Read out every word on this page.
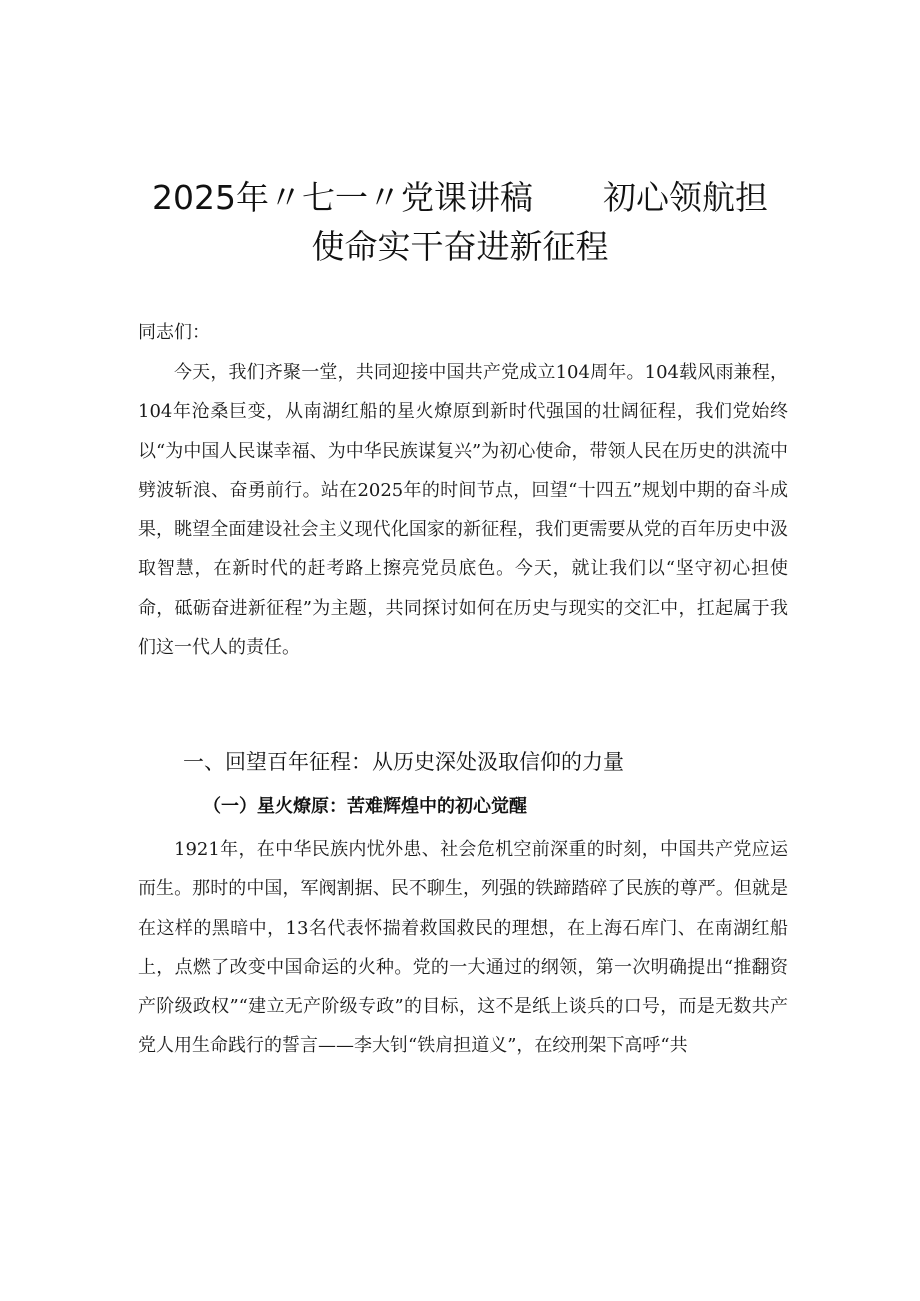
2025年〃七一〃党课讲稿 初心领航担
使命实干奋进新征程
同志们：
今天，我们齐聚一堂，共同迎接中国共产党成立104周年。104载风雨兼程，104年沧桑巨变，从南湖红船的星火燎原到新时代强国的壮阔征程，我们党始终以“为中国人民谋幸福、为中华民族谋复兴”为初心使命，带领人民在历史的洪流中劈波斩浪、奋勇前行。站在2025年的时间节点，回望“十四五”规划中期的奋斗成果，眺望全面建设社会主义现代化国家的新征程，我们更需要从党的百年历史中汲取智慧，在新时代的赶考路上擦亮党员底色。今天，就让我们以“坚守初心担使命，砥砺奋进新征程”为主题，共同探讨如何在历史与现实的交汇中，扛起属于我们这一代人的责任。
一、回望百年征程：从历史深处汲取信仰的力量
（一）星火燎原：苦难辉煌中的初心觉醒
1921年，在中华民族内忧外患、社会危机空前深重的时刻，中国共产党应运而生。那时的中国，军阀割据、民不聊生，列强的铁蹄踏碎了民族的尊严。但就是在这样的黑暗中，13名代表怀揣着救国救民的理想，在上海石库门、在南湖红船上，点燃了改变中国命运的火种。党的一大通过的纲领，第一次明确提出“推翻资产阶级政权”“建立无产阶级专政”的目标，这不是纸上谈兵的口号，而是无数共产党人用生命践行的誓言——李大钊“铁肩担道义”，在绞刑架下高呼“共
